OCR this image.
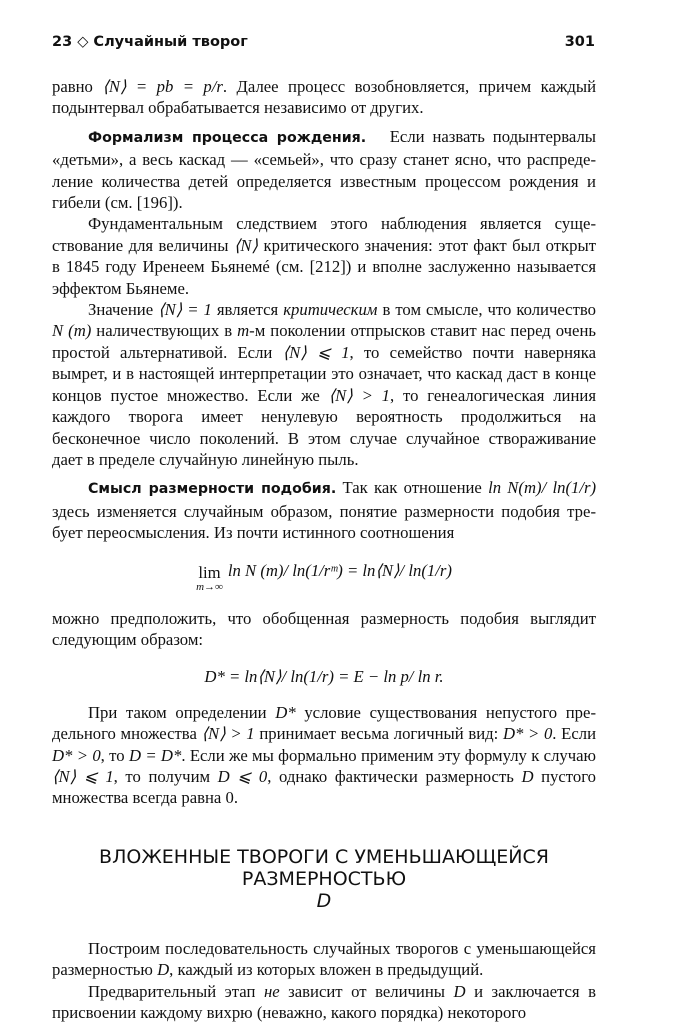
23 ◇ Случайный творог	301

равно ⟨N⟩ = pb = p/r. Далее процесс возобновляется, причем каждый подынтервал обрабатывается независимо от других.

Формализм процесса рождения. Если назвать подынтервалы «детьми», а весь каскад — «семьей», что сразу станет ясно, что распределение количества детей определяется известным процессом рождения и гибели (см. [196]).

Фундаментальным следствием этого наблюдения является существование для величины ⟨N⟩ критического значения: этот факт был открыт в 1845 году Иренеем Бьянемé (см. [212]) и вполне заслуженно называется эффектом Бьянеме.

Значение ⟨N⟩ = 1 является критическим в том смысле, что количество N (m) наличествующих в m-м поколении отпрысков ставит нас перед очень простой альтернативой. Если ⟨N⟩ ⩽ 1, то семейство почти наверняка вымрет, и в настоящей интерпретации это означает, что каскад даст в конце концов пустое множество. Если же ⟨N⟩ > 1, то генеалогическая линия каждого творога имеет ненулевую вероятность продолжиться на бесконечное число поколений. В этом случае случайное створаживание дает в пределе случайную линейную пыль.

Смысл размерности подобия. Так как отношение ln N(m)/ ln(1/r) здесь изменяется случайным образом, понятие размерности подобия требует переосмысления. Из почти истинного соотношения

lim
m→∞
ln N (m)/ ln(1/rᵐ) = ln⟨N⟩/ ln(1/r)

можно предположить, что обобщенная размерность подобия выглядит следующим образом:

D* = ln⟨N⟩/ ln(1/r) = E − ln p/ ln r.

При таком определении D* условие существования непустого предельного множества ⟨N⟩ > 1 принимает весьма логичный вид: D* > 0. Если D* > 0, то D = D*. Если же мы формально применим эту формулу к случаю ⟨N⟩ ⩽ 1, то получим D ⩽ 0, однако фактически размерность D пустого множества всегда равна 0.

ВЛОЖЕННЫЕ ТВОРОГИ С УМЕНЬШАЮЩЕЙСЯ
РАЗМЕРНОСТЬЮ
D

Построим последовательность случайных творогов с уменьшающейся размерностью D, каждый из которых вложен в предыдущий.

Предварительный этап не зависит от величины D и заключается в присвоении каждому вихрю (неважно, какого порядка) некоторого
